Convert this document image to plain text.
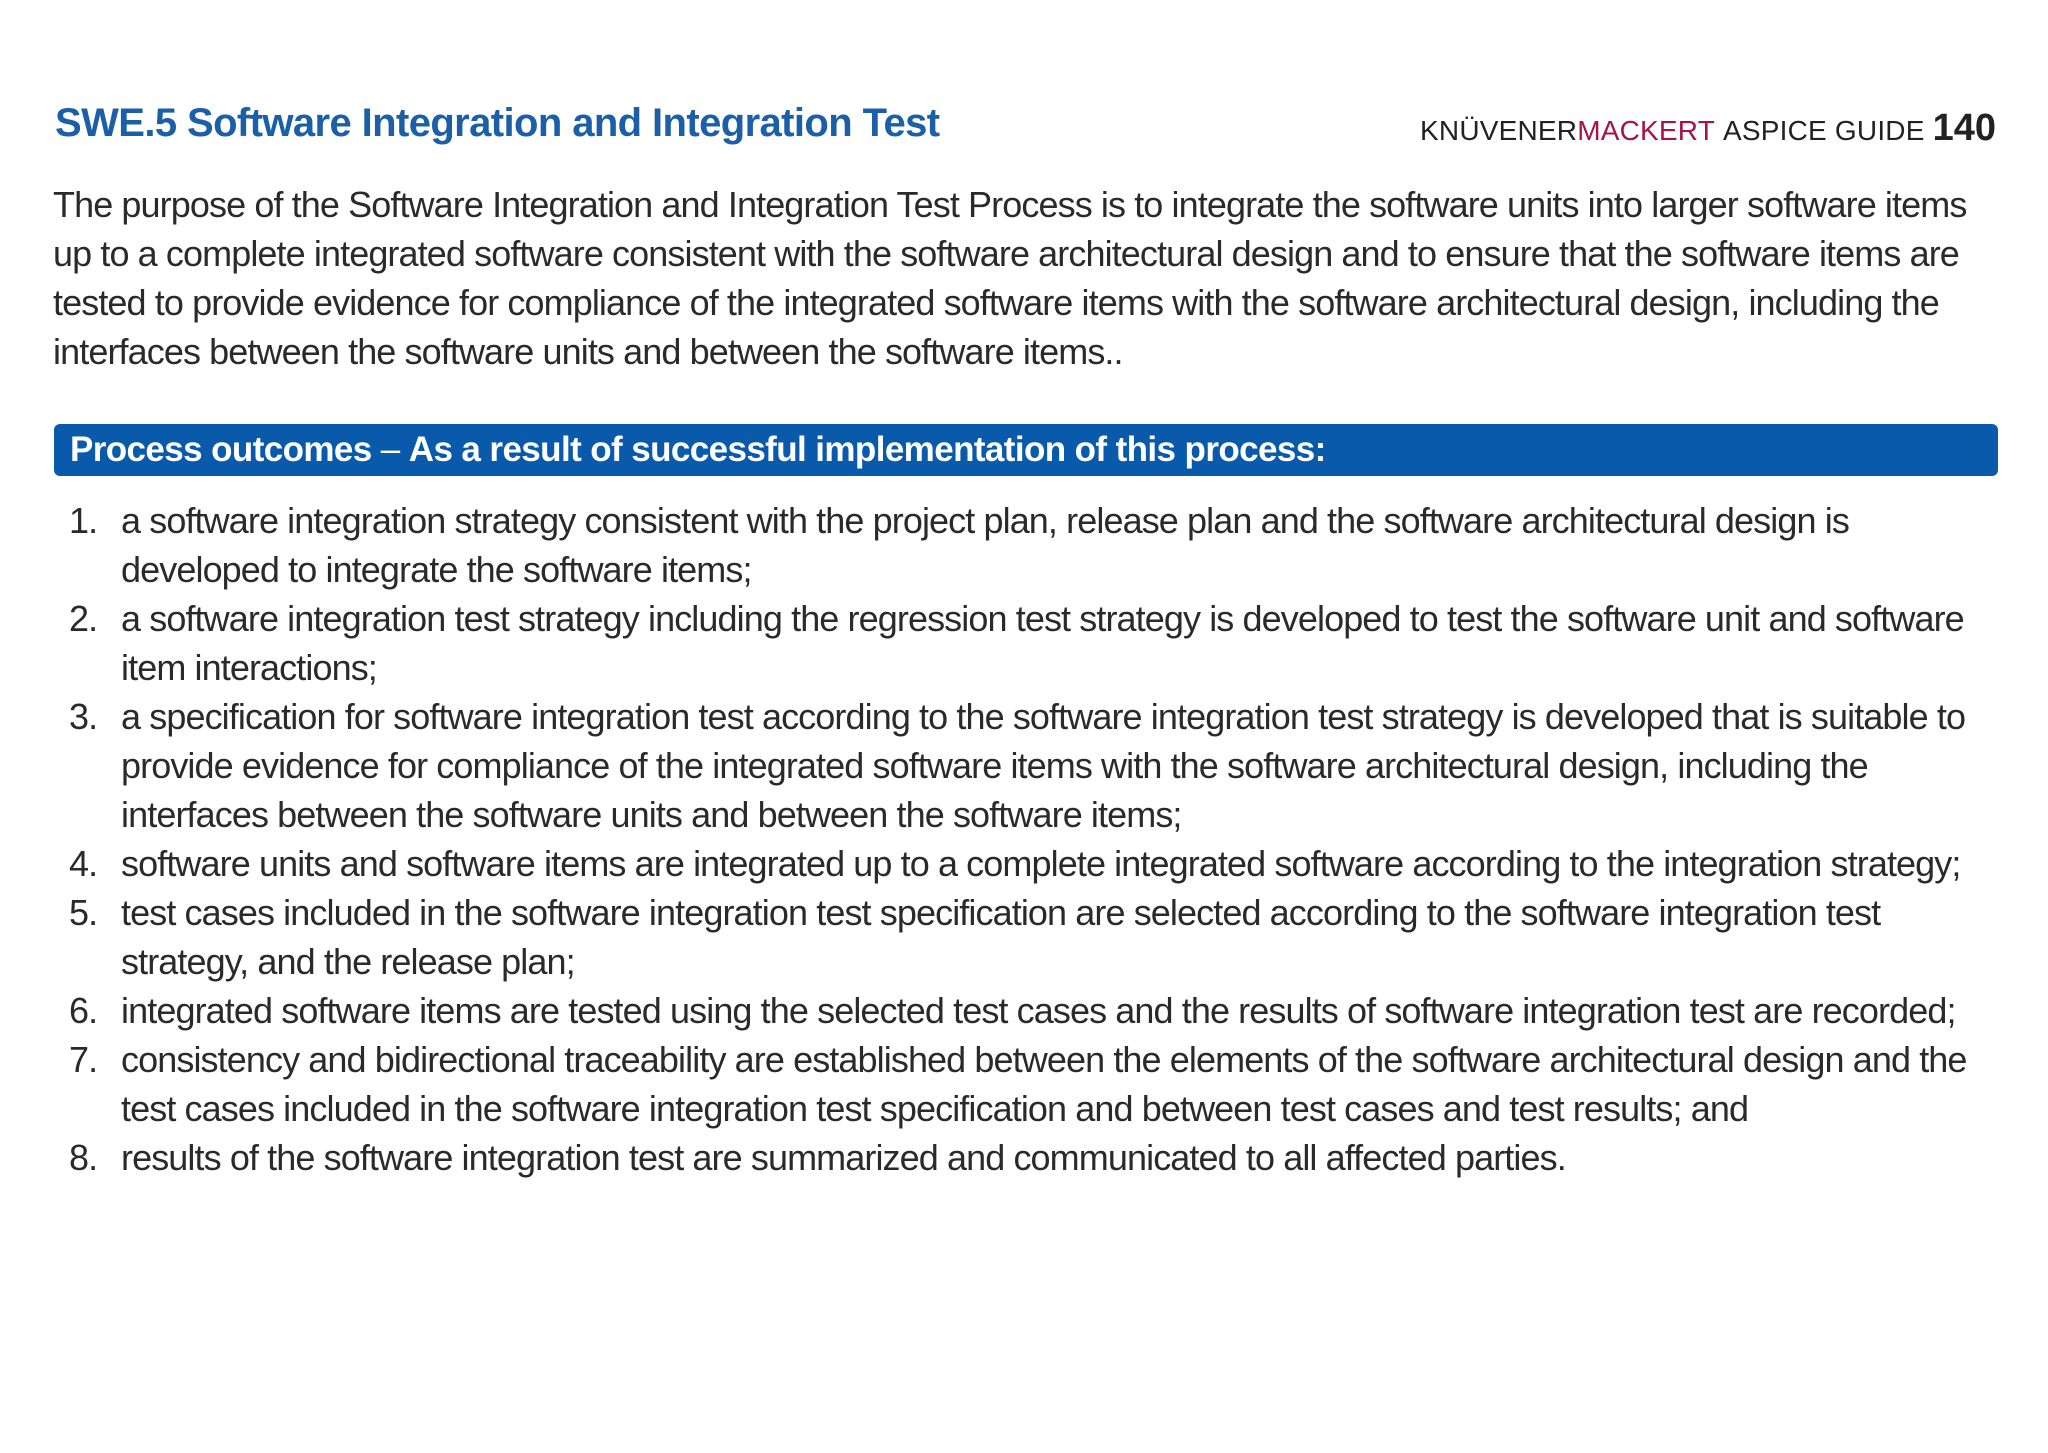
SWE.5 Software Integration and Integration Test	KNÜVENER MACKERT ASPICE GUIDE 140

The purpose of the Software Integration and Integration Test Process is to integrate the software units into larger software items up to a complete integrated software consistent with the software architectural design and to ensure that the software items are tested to provide evidence for compliance of the integrated software items with the software architectural design, including the interfaces between the software units and between the software items..

Process outcomes – As a result of successful implementation of this process:
1. a software integration strategy consistent with the project plan, release plan and the software architectural design is developed to integrate the software items;
2. a software integration test strategy including the regression test strategy is developed to test the software unit and software item interactions;
3. a specification for software integration test according to the software integration test strategy is developed that is suitable to provide evidence for compliance of the integrated software items with the software architectural design, including the interfaces between the software units and between the software items;
4. software units and software items are integrated up to a complete integrated software according to the integration strategy;
5. test cases included in the software integration test specification are selected according to the software integration test strategy, and the release plan;
6. integrated software items are tested using the selected test cases and the results of software integration test are recorded;
7. consistency and bidirectional traceability are established between the elements of the software architectural design and the test cases included in the software integration test specification and between test cases and test results; and
8. results of the software integration test are summarized and communicated to all affected parties.
